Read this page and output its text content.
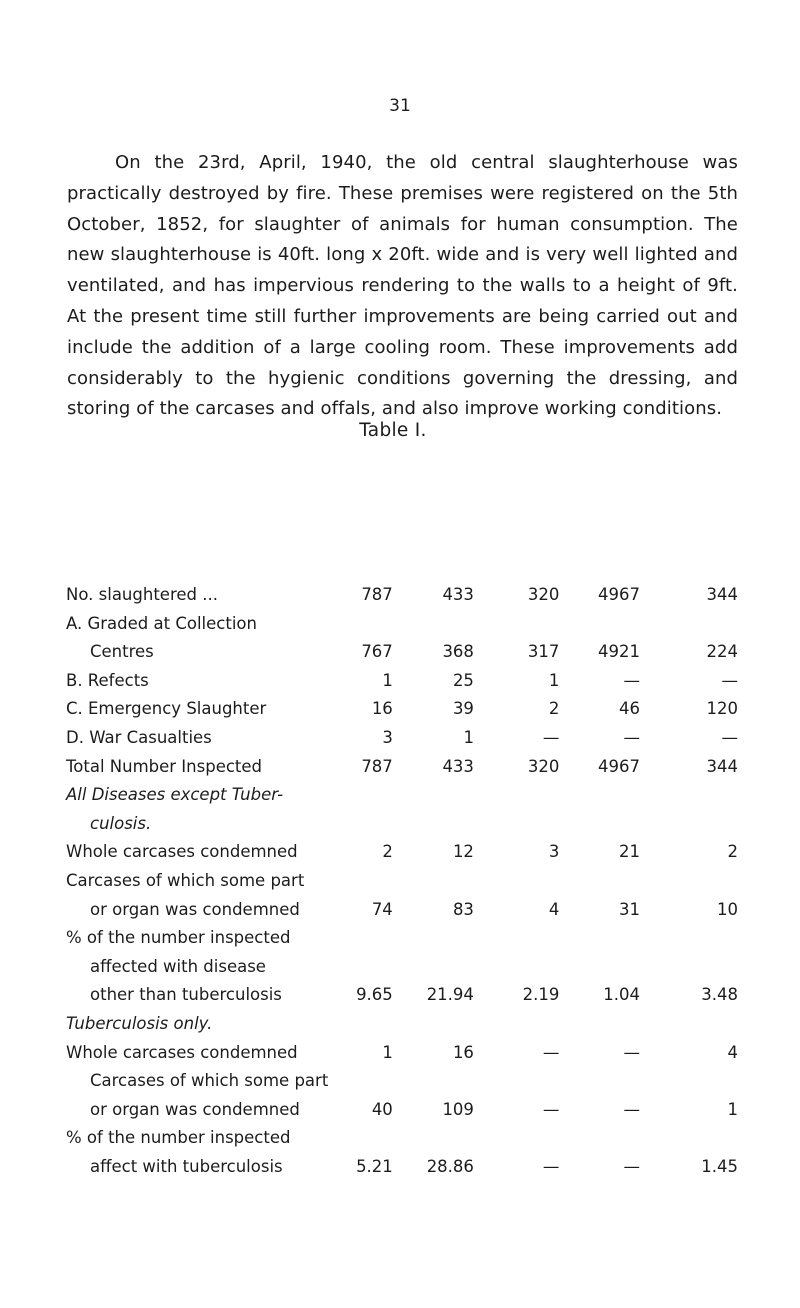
31

On the 23rd, April, 1940, the old central slaughterhouse was practically destroyed by fire. These premises were registered on the 5th October, 1852, for slaughter of animals for human consumption. The new slaughterhouse is 40ft. long x 20ft. wide and is very well lighted and ventilated, and has impervious rendering to the walls to a height of 9ft. At the present time still further improvements are being carried out and include the addition of a large cooling room. These improvements add considerably to the hygienic conditions governing the dressing, and storing of the carcases and offals, and also improve working conditions.

Table I.
No. slaughtered ...	787	433	320	4967	344
A. Graded at Collection					
Centres	767	368	317	4921	224
B. Refects	1	25	1	—	—
C. Emergency Slaughter	16	39	2	46	120
D. War Casualties	3	1	—	—	—
Total Number Inspected	787	433	320	4967	344
All Diseases except Tuber-					
culosis.					
Whole carcases condemned	2	12	3	21	2
Carcases of which some part					
or organ was condemned	74	83	4	31	10
% of the number inspected					
affected with disease					
other than tuberculosis	9.65	21.94	2.19	1.04	3.48
Tuberculosis only.					
Whole carcases condemned	1	16	—	—	4
Carcases of which some part					
or organ was condemned	40	109	—	—	1
% of the number inspected					
affect with tuberculosis	5.21	28.86	—	—	1.45
